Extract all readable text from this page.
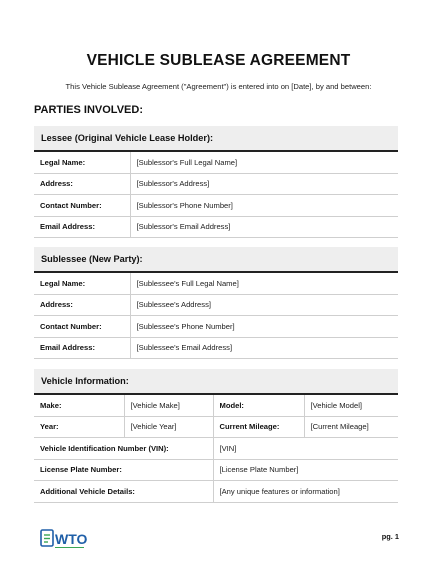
VEHICLE SUBLEASE AGREEMENT
This Vehicle Sublease Agreement ("Agreement") is entered into on [Date], by and between:
PARTIES INVOLVED:
Lessee (Original Vehicle Lease Holder):
Legal Name:	[Sublessor's Full Legal Name]
Address:	[Sublessor's Address]
Contact Number:	[Sublessor's Phone Number]
Email Address:	[Sublessor's Email Address]
Sublessee (New Party):
Legal Name:	[Sublessee's Full Legal Name]
Address:	[Sublessee's Address]
Contact Number:	[Sublessee's Phone Number]
Email Address:	[Sublessee's Email Address]
Vehicle Information:
Make:	[Vehicle Make]	Model:	[Vehicle Model]
Year:	[Vehicle Year]	Current Mileage:	[Current Mileage]
Vehicle Identification Number (VIN):		[VIN]	
License Plate Number:		[License Plate Number]	
Additional Vehicle Details:		[Any unique features or information]	
WTO	pg. 1
